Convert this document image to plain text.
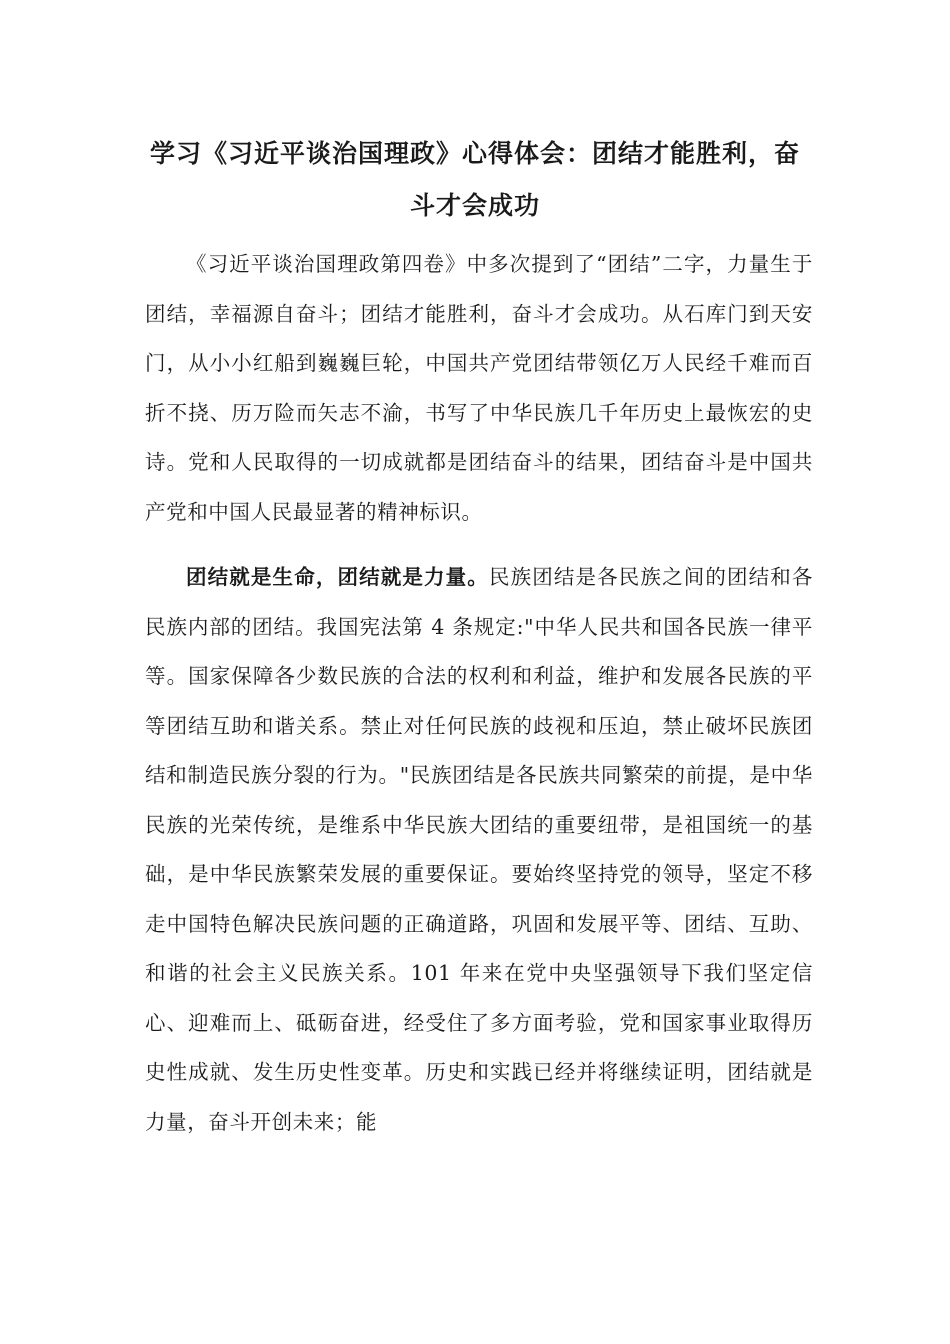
学习《习近平谈治国理政》心得体会：团结才能胜利，奋斗才会成功

《习近平谈治国理政第四卷》中多次提到了“团结”二字，力量生于团结，幸福源自奋斗；团结才能胜利，奋斗才会成功。从石库门到天安门，从小小红船到巍巍巨轮，中国共产党团结带领亿万人民经千难而百折不挠、历万险而矢志不渝，书写了中华民族几千年历史上最恢宏的史诗。党和人民取得的一切成就都是团结奋斗的结果，团结奋斗是中国共产党和中国人民最显著的精神标识。

团结就是生命，团结就是力量。民族团结是各民族之间的团结和各民族内部的团结。我国宪法第 4 条规定:"中华人民共和国各民族一律平等。国家保障各少数民族的合法的权利和利益，维护和发展各民族的平等团结互助和谐关系。禁止对任何民族的歧视和压迫，禁止破坏民族团结和制造民族分裂的行为。"民族团结是各民族共同繁荣的前提，是中华民族的光荣传统，是维系中华民族大团结的重要纽带，是祖国统一的基础，是中华民族繁荣发展的重要保证。要始终坚持党的领导，坚定不移走中国特色解决民族问题的正确道路，巩固和发展平等、团结、互助、和谐的社会主义民族关系。101 年来在党中央坚强领导下我们坚定信心、迎难而上、砥砺奋进，经受住了多方面考验，党和国家事业取得历史性成就、发生历史性变革。历史和实践已经并将继续证明，团结就是力量，奋斗开创未来；能
